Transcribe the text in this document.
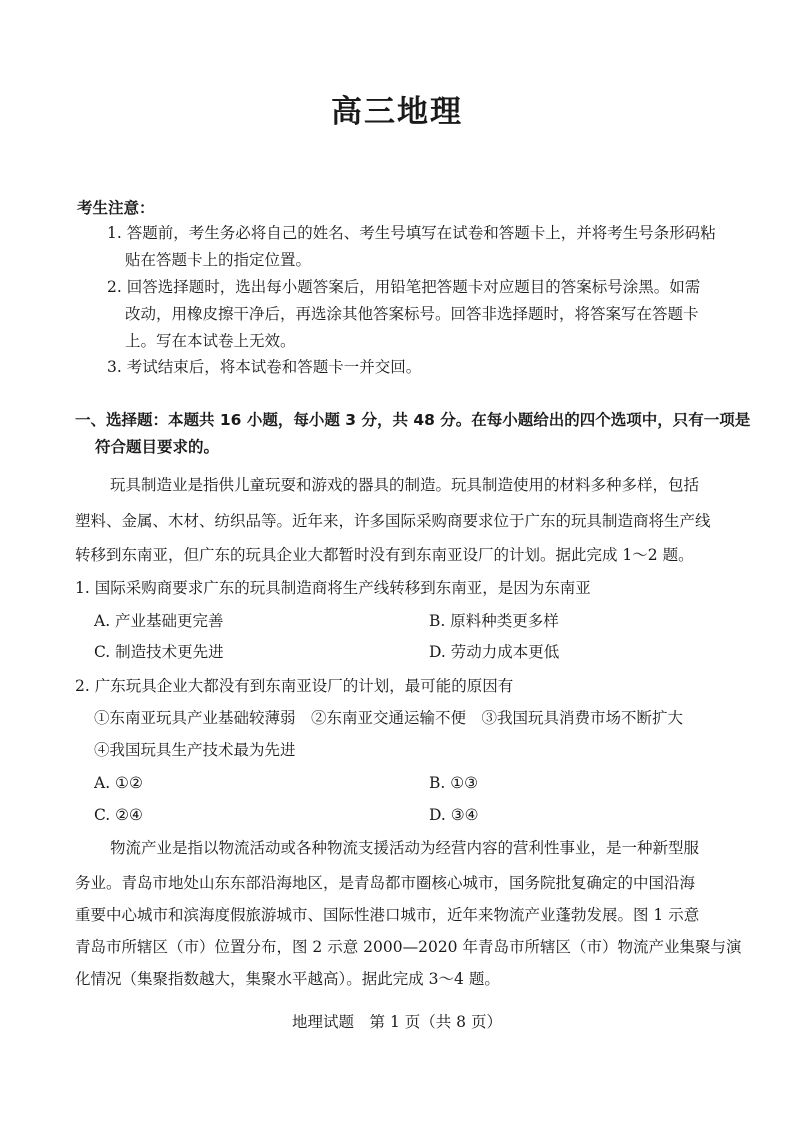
高三地理
考生注意：
1. 答题前，考生务必将自己的姓名、考生号填写在试卷和答题卡上，并将考生号条形码粘
贴在答题卡上的指定位置。
2. 回答选择题时，选出每小题答案后，用铅笔把答题卡对应题目的答案标号涂黑。如需
改动，用橡皮擦干净后，再选涂其他答案标号。回答非选择题时，将答案写在答题卡
上。写在本试卷上无效。
3. 考试结束后，将本试卷和答题卡一并交回。
一、选择题：本题共 16 小题，每小题 3 分，共 48 分。在每小题给出的四个选项中，只有一项是
符合题目要求的。
玩具制造业是指供儿童玩耍和游戏的器具的制造。玩具制造使用的材料多种多样，包括
塑料、金属、木材、纺织品等。近年来，许多国际采购商要求位于广东的玩具制造商将生产线
转移到东南亚，但广东的玩具企业大都暂时没有到东南亚设厂的计划。据此完成 1～2 题。
1. 国际采购商要求广东的玩具制造商将生产线转移到东南亚，是因为东南亚
A. 产业基础更完善	B. 原料种类更多样
C. 制造技术更先进	D. 劳动力成本更低
2. 广东玩具企业大都没有到东南亚设厂的计划，最可能的原因有
①东南亚玩具产业基础较薄弱　②东南亚交通运输不便　③我国玩具消费市场不断扩大
④我国玩具生产技术最为先进
A. ①②	B. ①③
C. ②④	D. ③④
物流产业是指以物流活动或各种物流支援活动为经营内容的营利性事业，是一种新型服
务业。青岛市地处山东东部沿海地区，是青岛都市圈核心城市，国务院批复确定的中国沿海
重要中心城市和滨海度假旅游城市、国际性港口城市，近年来物流产业蓬勃发展。图 1 示意
青岛市所辖区（市）位置分布，图 2 示意 2000—2020 年青岛市所辖区（市）物流产业集聚与演
化情况（集聚指数越大，集聚水平越高）。据此完成 3～4 题。
地理试题　第 1 页（共 8 页）
